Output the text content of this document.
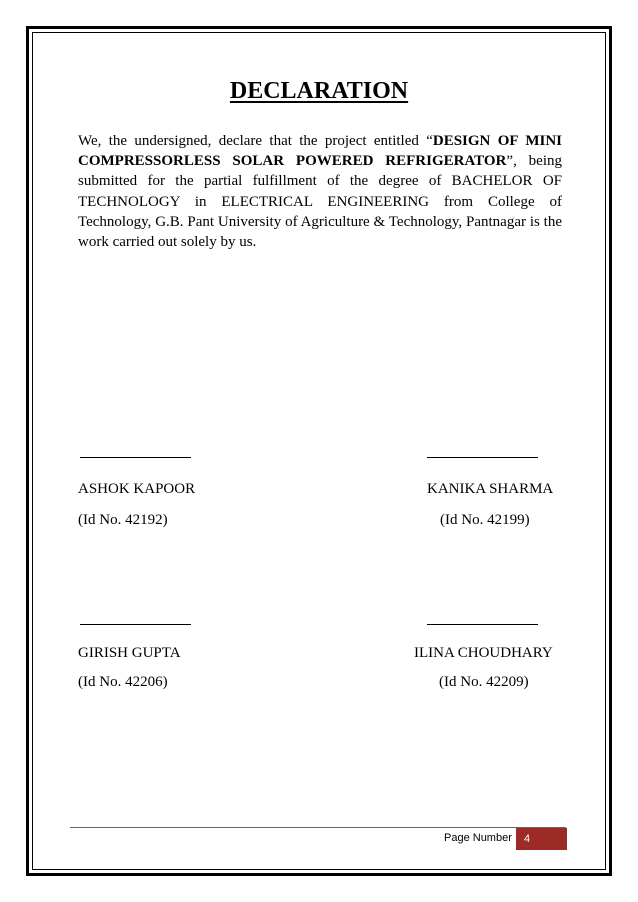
DECLARATION

We, the undersigned, declare that the project entitled “DESIGN OF MINI COMPRESSORLESS SOLAR POWERED REFRIGERATOR”, being submitted for the partial fulfillment of the degree of BACHELOR OF TECHNOLOGY in ELECTRICAL ENGINEERING from College of Technology, G.B. Pant University of Agriculture & Technology, Pantnagar is the work carried out solely by us.

ASHOK KAPOOR
(Id No. 42192)
KANIKA SHARMA
(Id No. 42199)
GIRISH GUPTA
(Id No. 42206)
ILINA CHOUDHARY
(Id No. 42209)
Page Number	4
